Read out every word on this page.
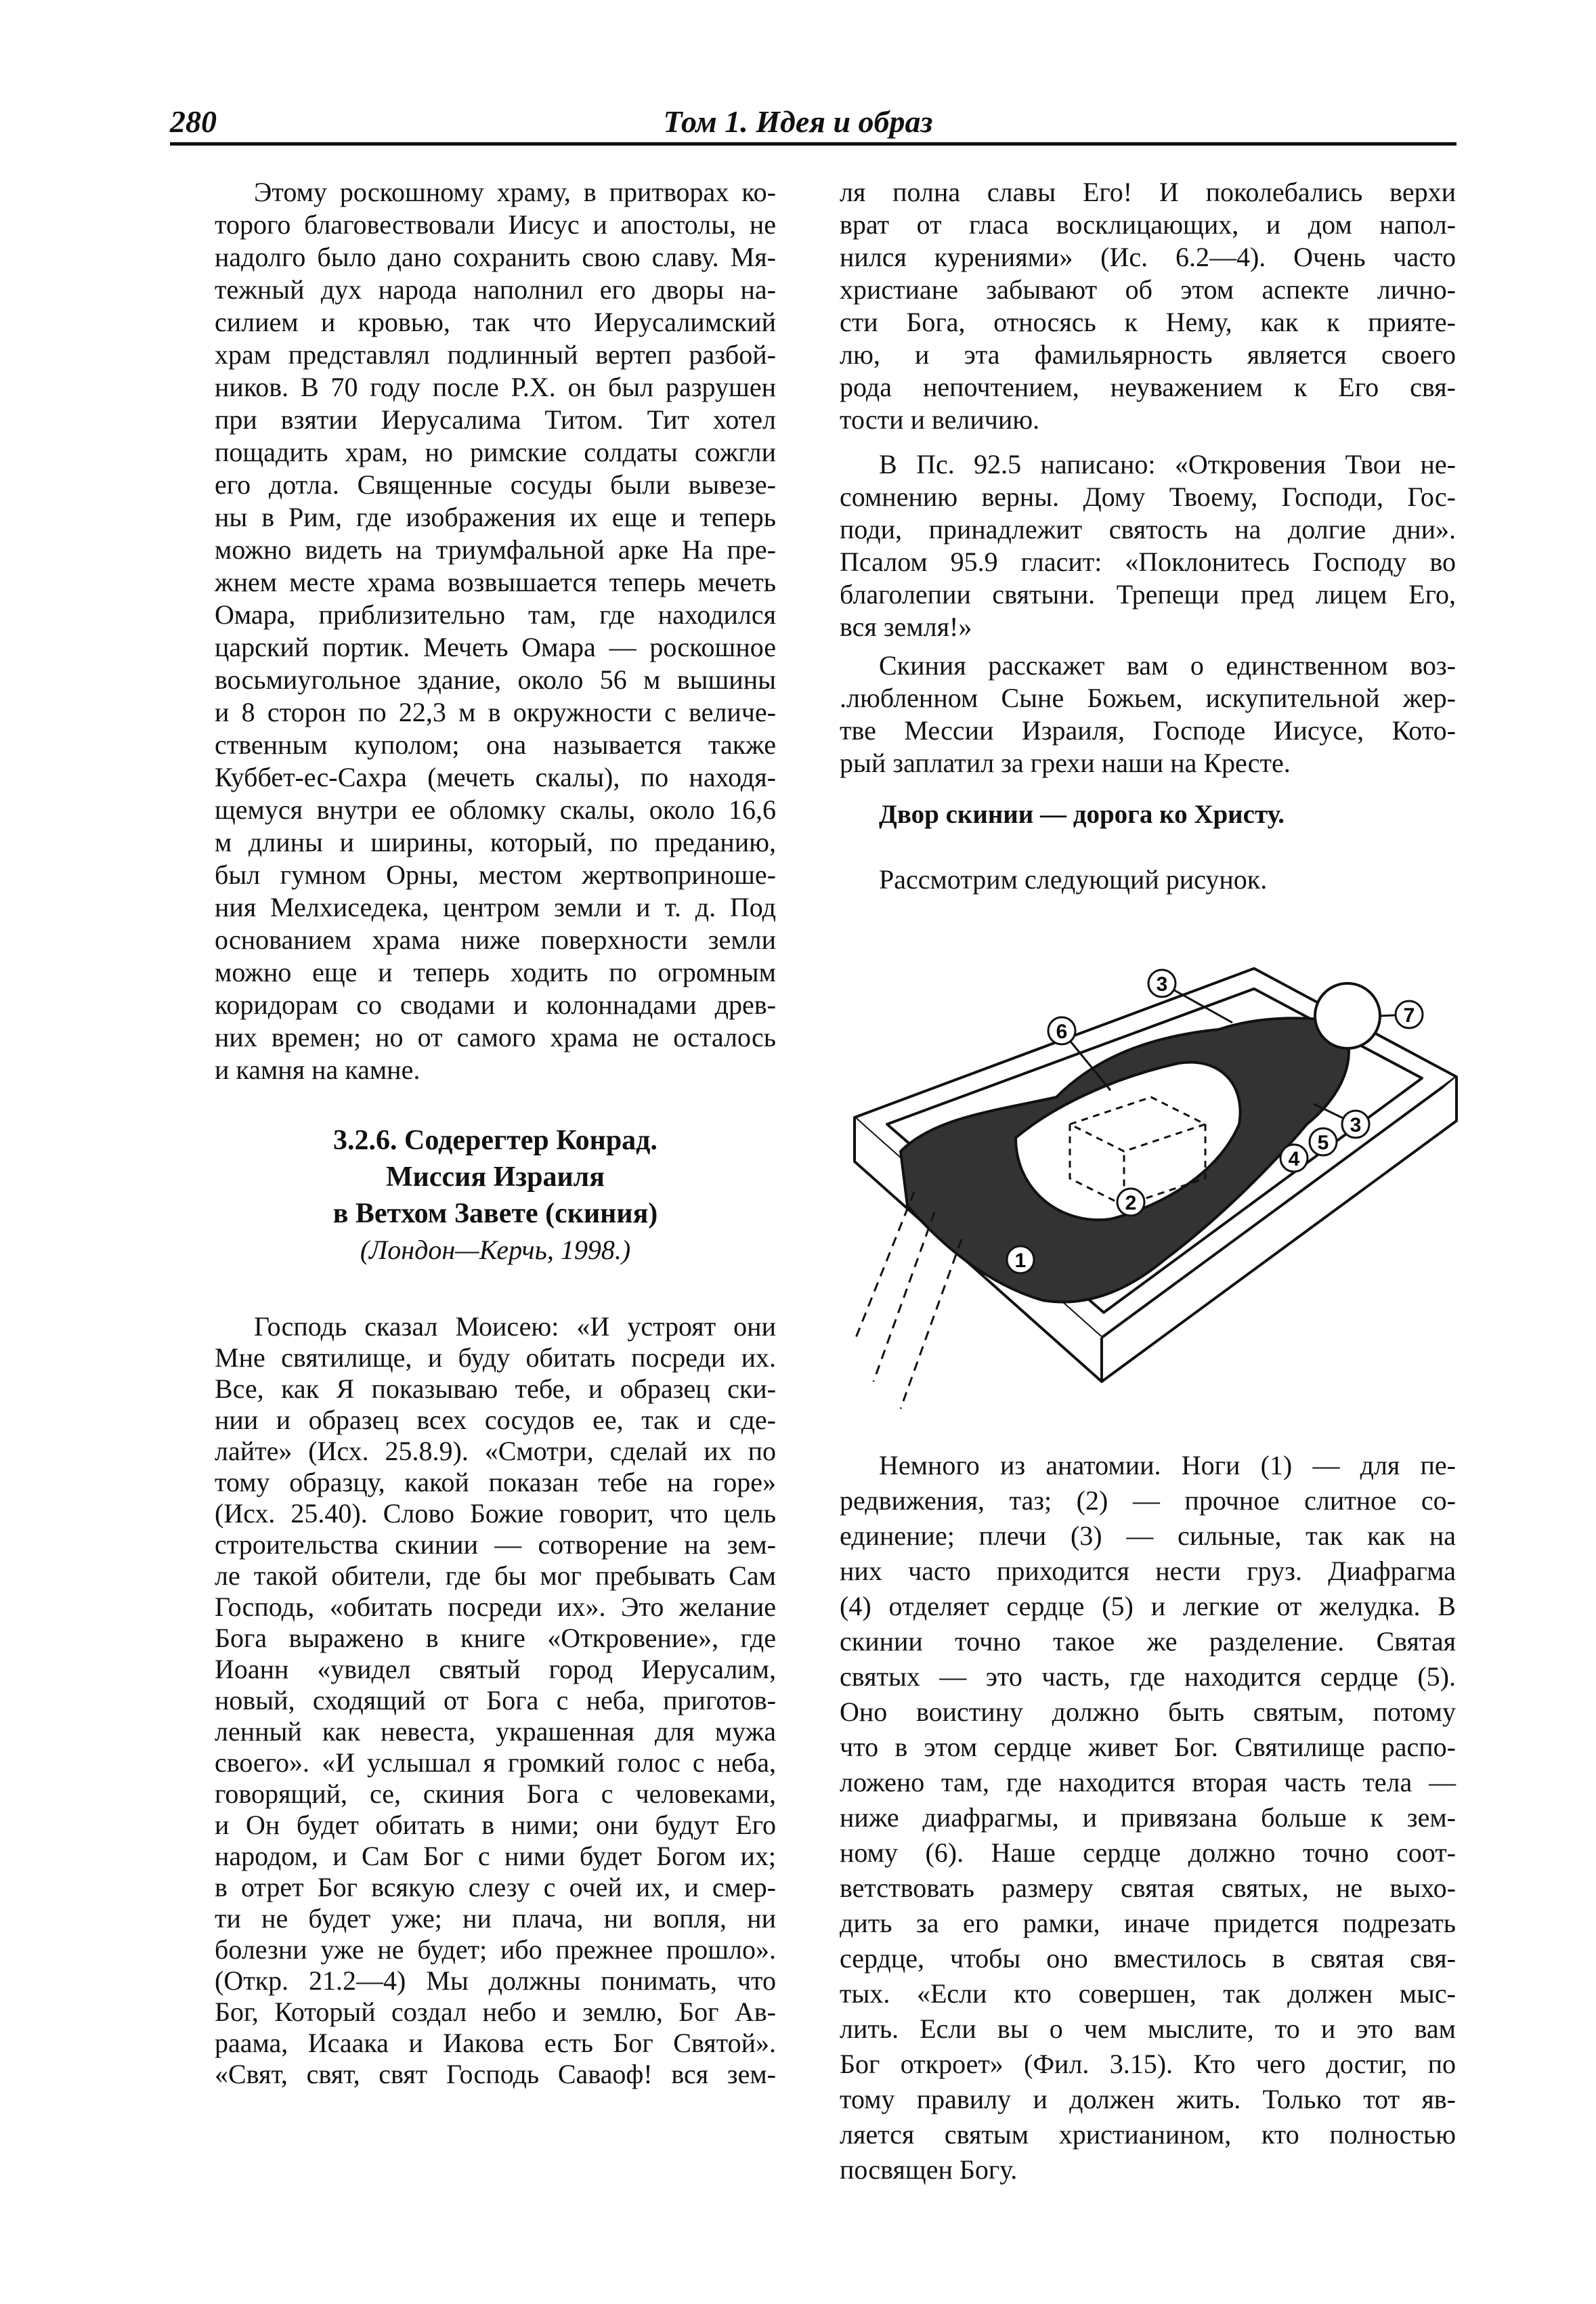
280	Том 1. Идея и образ
Этому роскошному храму, в притворах ко-
торого благовествовали Иисус и апостолы, не
надолго было дано сохранить свою славу. Мя-
тежный дух народа наполнил его дворы на-
силием и кровью, так что Иерусалимский
храм представлял подлинный вертеп разбой-
ников. В 70 году после Р.Х. он был разрушен
при взятии Иерусалима Титом. Тит хотел
пощадить храм, но римские солдаты сожгли
его дотла. Священные сосуды были вывезе-
ны в Рим, где изображения их еще и теперь
можно видеть на триумфальной арке На пре-
жнем месте храма возвышается теперь мечеть
Омара, приблизительно там, где находился
царский портик. Мечеть Омара — роскошное
восьмиугольное здание, около 56 м вышины
и 8 сторон по 22,3 м в окружности с величе-
ственным куполом; она называется также
Куббет-ес-Сахра (мечеть скалы), по находя-
щемуся внутри ее обломку скалы, около 16,6
м длины и ширины, который, по преданию,
был гумном Орны, местом жертвоприноше-
ния Мелхиседека, центром земли и т. д. Под
основанием храма ниже поверхности земли
можно еще и теперь ходить по огромным
коридорам со сводами и колоннадами древ-
них времен; но от самого храма не осталось
и камня на камне.
3.2.6. Содерегтер Конрад.
Миссия Израиля
в Ветхом Завете (скиния)
(Лондон—Керчь, 1998.)
Господь сказал Моисею: «И устроят они
Мне святилище, и буду обитать посреди их.
Все, как Я показываю тебе, и образец ски-
нии и образец всех сосудов ее, так и сде-
лайте» (Исх. 25.8.9). «Смотри, сделай их по
тому образцу, какой показан тебе на горе»
(Исх. 25.40). Слово Божие говорит, что цель
строительства скинии — сотворение на зем-
ле такой обители, где бы мог пребывать Сам
Господь, «обитать посреди их». Это желание
Бога выражено в книге «Откровение», где
Иоанн «увидел святый город Иерусалим,
новый, сходящий от Бога с неба, приготов-
ленный как невеста, украшенная для мужа
своего». «И услышал я громкий голос с неба,
говорящий, се, скиния Бога с человеками,
и Он будет обитать в ними; они будут Его
народом, и Сам Бог с ними будет Богом их;
в отрет Бог всякую слезу с очей их, и смер-
ти не будет уже; ни плача, ни вопля, ни
болезни уже не будет; ибо прежнее прошло».
(Откр. 21.2—4) Мы должны понимать, что
Бог, Который создал небо и землю, Бог Ав-
раама, Исаака и Иакова есть Бог Святой».
«Свят, свят, свят Господь Саваоф! вся зем-
ля полна славы Его! И поколебались верхи
врат от гласа восклицающих, и дом напол-
нился курениями» (Ис. 6.2—4). Очень часто
христиане забывают об этом аспекте лично-
сти Бога, относясь к Нему, как к прияте-
лю, и эта фамильярность является своего
рода непочтением, неуважением к Его свя-
тости и величию.
В Пс. 92.5 написано: «Откровения Твои не-
сомнению верны. Дому Твоему, Господи, Гос-
поди, принадлежит святость на долгие дни».
Псалом 95.9 гласит: «Поклонитесь Господу во
благолепии святыни. Трепещи пред лицем Его,
вся земля!»
Скиния расскажет вам о единственном воз-
.любленном Сыне Божьем, искупительной жер-
тве Мессии Израиля, Господе Иисусе, Кото-
рый заплатил за грехи наши на Кресте.
Двор скинии — дорога ко Христу.
Рассмотрим следующий рисунок.
1
2
3
3
4
5
6
7
Немного из анатомии. Ноги (1) — для пе-
редвижения, таз; (2) — прочное слитное со-
единение; плечи (3) — сильные, так как на
них часто приходится нести груз. Диафрагма
(4) отделяет сердце (5) и легкие от желудка. В
скинии точно такое же разделение. Святая
святых — это часть, где находится сердце (5).
Оно воистину должно быть святым, потому
что в этом сердце живет Бог. Святилище распо-
ложено там, где находится вторая часть тела —
ниже диафрагмы, и привязана больше к зем-
ному (6). Наше сердце должно точно соот-
ветствовать размеру святая святых, не выхо-
дить за его рамки, иначе придется подрезать
сердце, чтобы оно вместилось в святая свя-
тых. «Если кто совершен, так должен мыс-
лить. Если вы о чем мыслите, то и это вам
Бог откроет» (Фил. 3.15). Кто чего достиг, по
тому правилу и должен жить. Только тот яв-
ляется святым христианином, кто полностью
посвящен Богу.
